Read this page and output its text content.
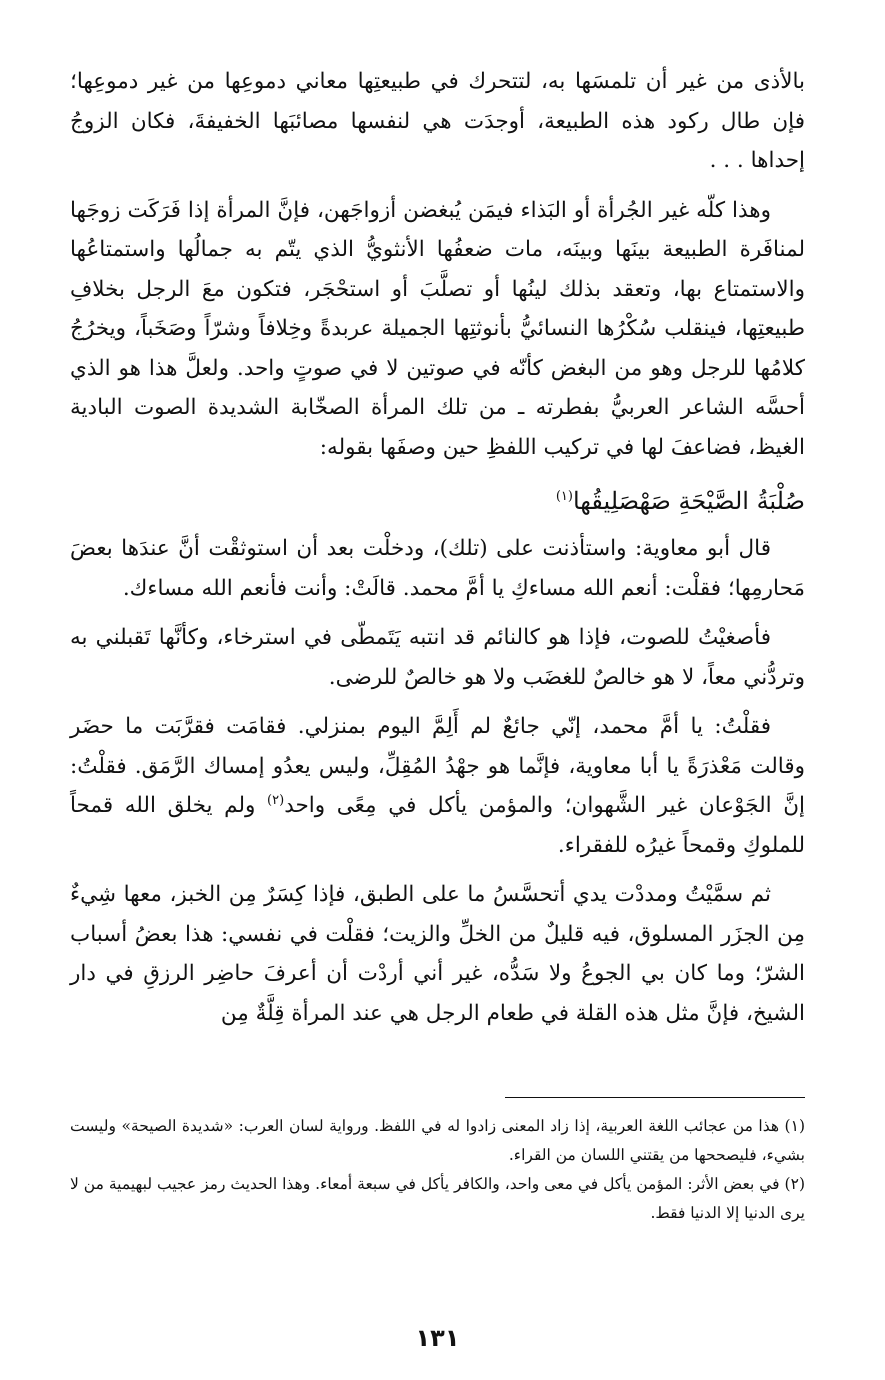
بالأذى من غير أن تلمسَها به، لتتحرك في طبيعتِها معاني دموعِها من غير دموعِها؛ فإن طال ركود هذه الطبيعة، أوجدَت هي لنفسها مصائبَها الخفيفةَ، فكان الزوجُ إحداها . . .

وهذا كلّه غير الجُرأة أو البَذاء فيمَن يُبغضن أزواجَهن، فإنَّ المرأة إذا فَرَكَت زوجَها لمنافَرة الطبيعة بينَها وبينَه، مات ضعفُها الأنثويُّ الذي يتّم به جمالُها واستمتاعُها والاستمتاع بها، وتعقد بذلك لينُها أو تصلَّبَ أو استحْجَر، فتكون معَ الرجل بخلافِ طبيعتِها، فينقلب سُكْرُها النسائيُّ بأنوثتِها الجميلة عربدةً وخِلافاً وشرّاً وصَخَباً، ويخرُجُ كلامُها للرجل وهو من البغض كأنّه في صوتين لا في صوتٍ واحد. ولعلَّ هذا هو الذي أحسَّه الشاعر العربيُّ بفطرته ـ من تلك المرأة الصخّابة الشديدة الصوت البادية الغيظ، فضاعفَ لها في تركيب اللفظِ حين وصفَها بقوله:

صُلْبَةُ الصَّيْحَةِ صَهْصَلِيقُها$^{(١)}$

قال أبو معاوية: واستأذنت على (تلك)، ودخلْت بعد أن استوثقْت أنَّ عندَها بعضَ مَحارمِها؛ فقلْت: أنعم الله مساءكِ يا أمَّ محمد. قالَتْ: وأنت فأنعم الله مساءك.

فأصغيْتُ للصوت، فإذا هو كالنائم قد انتبه يَتَمطّى في استرخاء، وكأنَّها تَقبلني به وتردُّني معاً، لا هو خالصٌ للغضَب ولا هو خالصٌ للرضى.

فقلْتُ: يا أمَّ محمد، إنّي جائعٌ لم أَلِمَّ اليوم بمنزلي. فقامَت فقرَّبَت ما حضَر وقالت مَعْذرَةً يا أبا معاوية، فإنَّما هو جهْدُ المُقِلِّ، وليس يعدُو إمساك الرَّمَق. فقلْتُ: إنَّ الجَوْعان غير الشَّهوان؛ والمؤمن يأكل في مِعًى واحد$^{(٢)}$ ولم يخلق الله قمحاً للملوكِ وقمحاً غيرُه للفقراء.

ثم سمَّيْتُ ومددْت يدي أتحسَّسُ ما على الطبق، فإذا كِسَرٌ مِن الخبز، معها شِيءٌ مِن الجزَر المسلوق، فيه قليلٌ من الخلِّ والزيت؛ فقلْت في نفسي: هذا بعضُ أسباب الشرّ؛ وما كان بي الجوعُ ولا سَدُّه، غير أني أردْت أن أعرفَ حاضِر الرزقِ في دار الشيخ، فإنَّ مثل هذه القلة في طعام الرجل هي عند المرأة قِلَّةٌ مِن

(١) هذا من عجائب اللغة العربية، إذا زاد المعنى زادوا له في اللفظ. ورواية لسان العرب: «شديدة الصيحة» وليست بشيء، فليصححها من يقتني اللسان من القراء.

(٢) في بعض الأثر: المؤمن يأكل في معى واحد، والكافر يأكل في سبعة أمعاء. وهذا الحديث رمز عجيب لبهيمية من لا يرى الدنيا إلا الدنيا فقط.

١٣١
